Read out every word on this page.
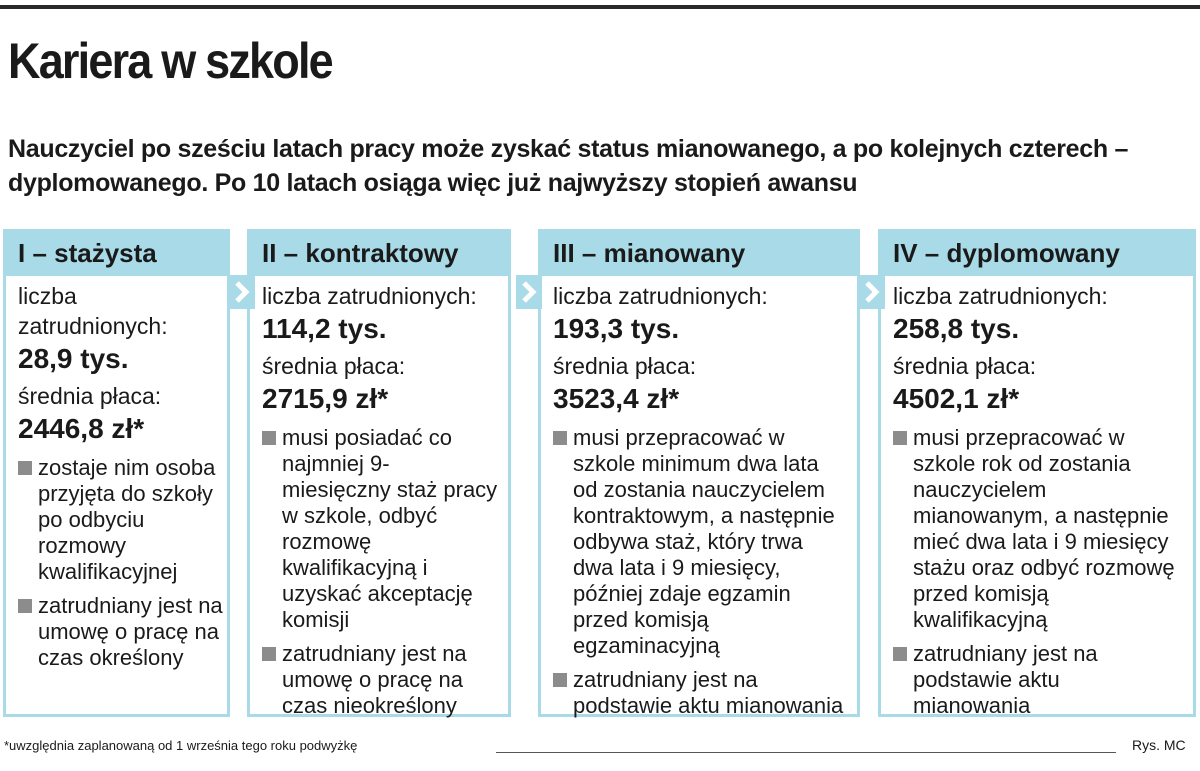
Kariera w szkole

Nauczyciel po sześciu latach pracy może zyskać status mianowanego, a po kolejnych czterech – dyplomowanego. Po 10 latach osiąga więc już najwyższy stopień awansu

I – stażysta
liczba zatrudnionych:
28,9 tys.
średnia płaca:
2446,8 zł*
zostaje nim osoba przyjęta do szkoły po odbyciu rozmowy kwalifikacyjnej
zatrudniany jest na umowę o pracę na czas określony
II – kontraktowy
liczba zatrudnionych:
114,2 tys.
średnia płaca:
2715,9 zł*
musi posiadać co najmniej 9-miesięczny staż pracy w szkole, odbyć rozmowę kwalifikacyjną i uzyskać akceptację komisji
zatrudniany jest na umowę o pracę na czas nieokreślony
III – mianowany
liczba zatrudnionych:
193,3 tys.
średnia płaca:
3523,4 zł*
musi przepracować w szkole minimum dwa lata od zostania nauczycielem kontraktowym, a następnie odbywa staż, który trwa dwa lata i 9 miesięcy, później zdaje egzamin przed komisją egzaminacyjną
zatrudniany jest na podstawie aktu mianowania
IV – dyplomowany
liczba zatrudnionych:
258,8 tys.
średnia płaca:
4502,1 zł*
musi przepracować w szkole rok od zostania nauczycielem mianowanym, a następnie mieć dwa lata i 9 miesięcy stażu oraz odbyć rozmowę przed komisją kwalifikacyjną
zatrudniany jest na podstawie aktu mianowania
*uwzględnia zaplanowaną od 1 września tego roku podwyżkę	Rys. MC
